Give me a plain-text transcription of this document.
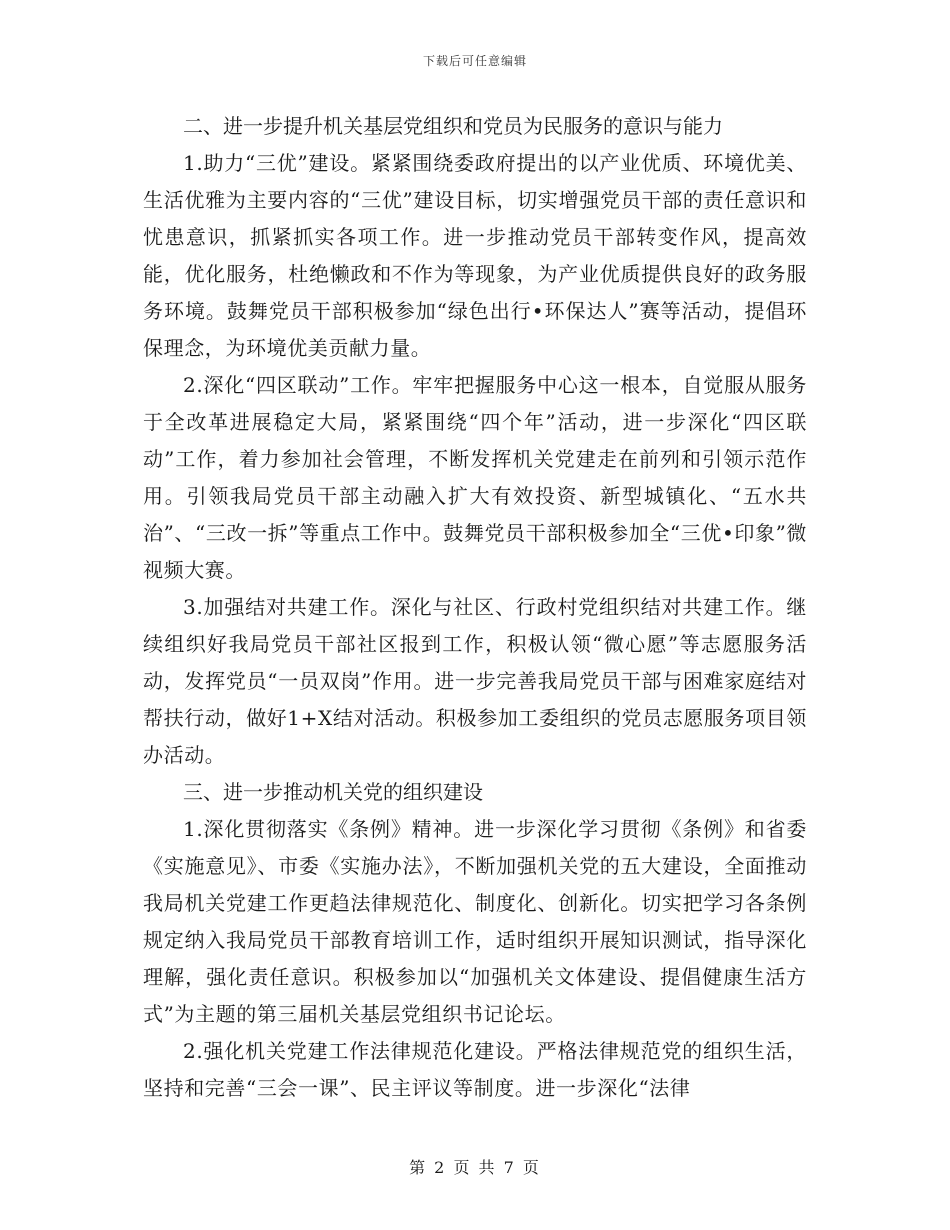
下载后可任意编辑

二、进一步提升机关基层党组织和党员为民服务的意识与能力

1.助力“三优”建设。紧紧围绕委政府提出的以产业优质、环境优美、生活优雅为主要内容的“三优”建设目标，切实增强党员干部的责任意识和忧患意识，抓紧抓实各项工作。进一步推动党员干部转变作风，提高效能，优化服务，杜绝懒政和不作为等现象，为产业优质提供良好的政务服务环境。鼓舞党员干部积极参加“绿色出行•环保达人”赛等活动，提倡环保理念，为环境优美贡献力量。

2.深化“四区联动”工作。牢牢把握服务中心这一根本，自觉服从服务于全改革进展稳定大局，紧紧围绕“四个年”活动，进一步深化“四区联动”工作，着力参加社会管理，不断发挥机关党建走在前列和引领示范作用。引领我局党员干部主动融入扩大有效投资、新型城镇化、“五水共治”、“三改一拆”等重点工作中。鼓舞党员干部积极参加全“三优•印象”微视频大赛。

3.加强结对共建工作。深化与社区、行政村党组织结对共建工作。继续组织好我局党员干部社区报到工作，积极认领“微心愿”等志愿服务活动，发挥党员“一员双岗”作用。进一步完善我局党员干部与困难家庭结对帮扶行动，做好1+X结对活动。积极参加工委组织的党员志愿服务项目领办活动。

三、进一步推动机关党的组织建设

1.深化贯彻落实《条例》精神。进一步深化学习贯彻《条例》和省委《实施意见》、市委《实施办法》，不断加强机关党的五大建设，全面推动我局机关党建工作更趋法律规范化、制度化、创新化。切实把学习各条例规定纳入我局党员干部教育培训工作，适时组织开展知识测试，指导深化理解，强化责任意识。积极参加以“加强机关文体建设、提倡健康生活方式”为主题的第三届机关基层党组织书记论坛。

2.强化机关党建工作法律规范化建设。严格法律规范党的组织生活，坚持和完善“三会一课”、民主评议等制度。进一步深化“法律

第 2 页 共 7 页
